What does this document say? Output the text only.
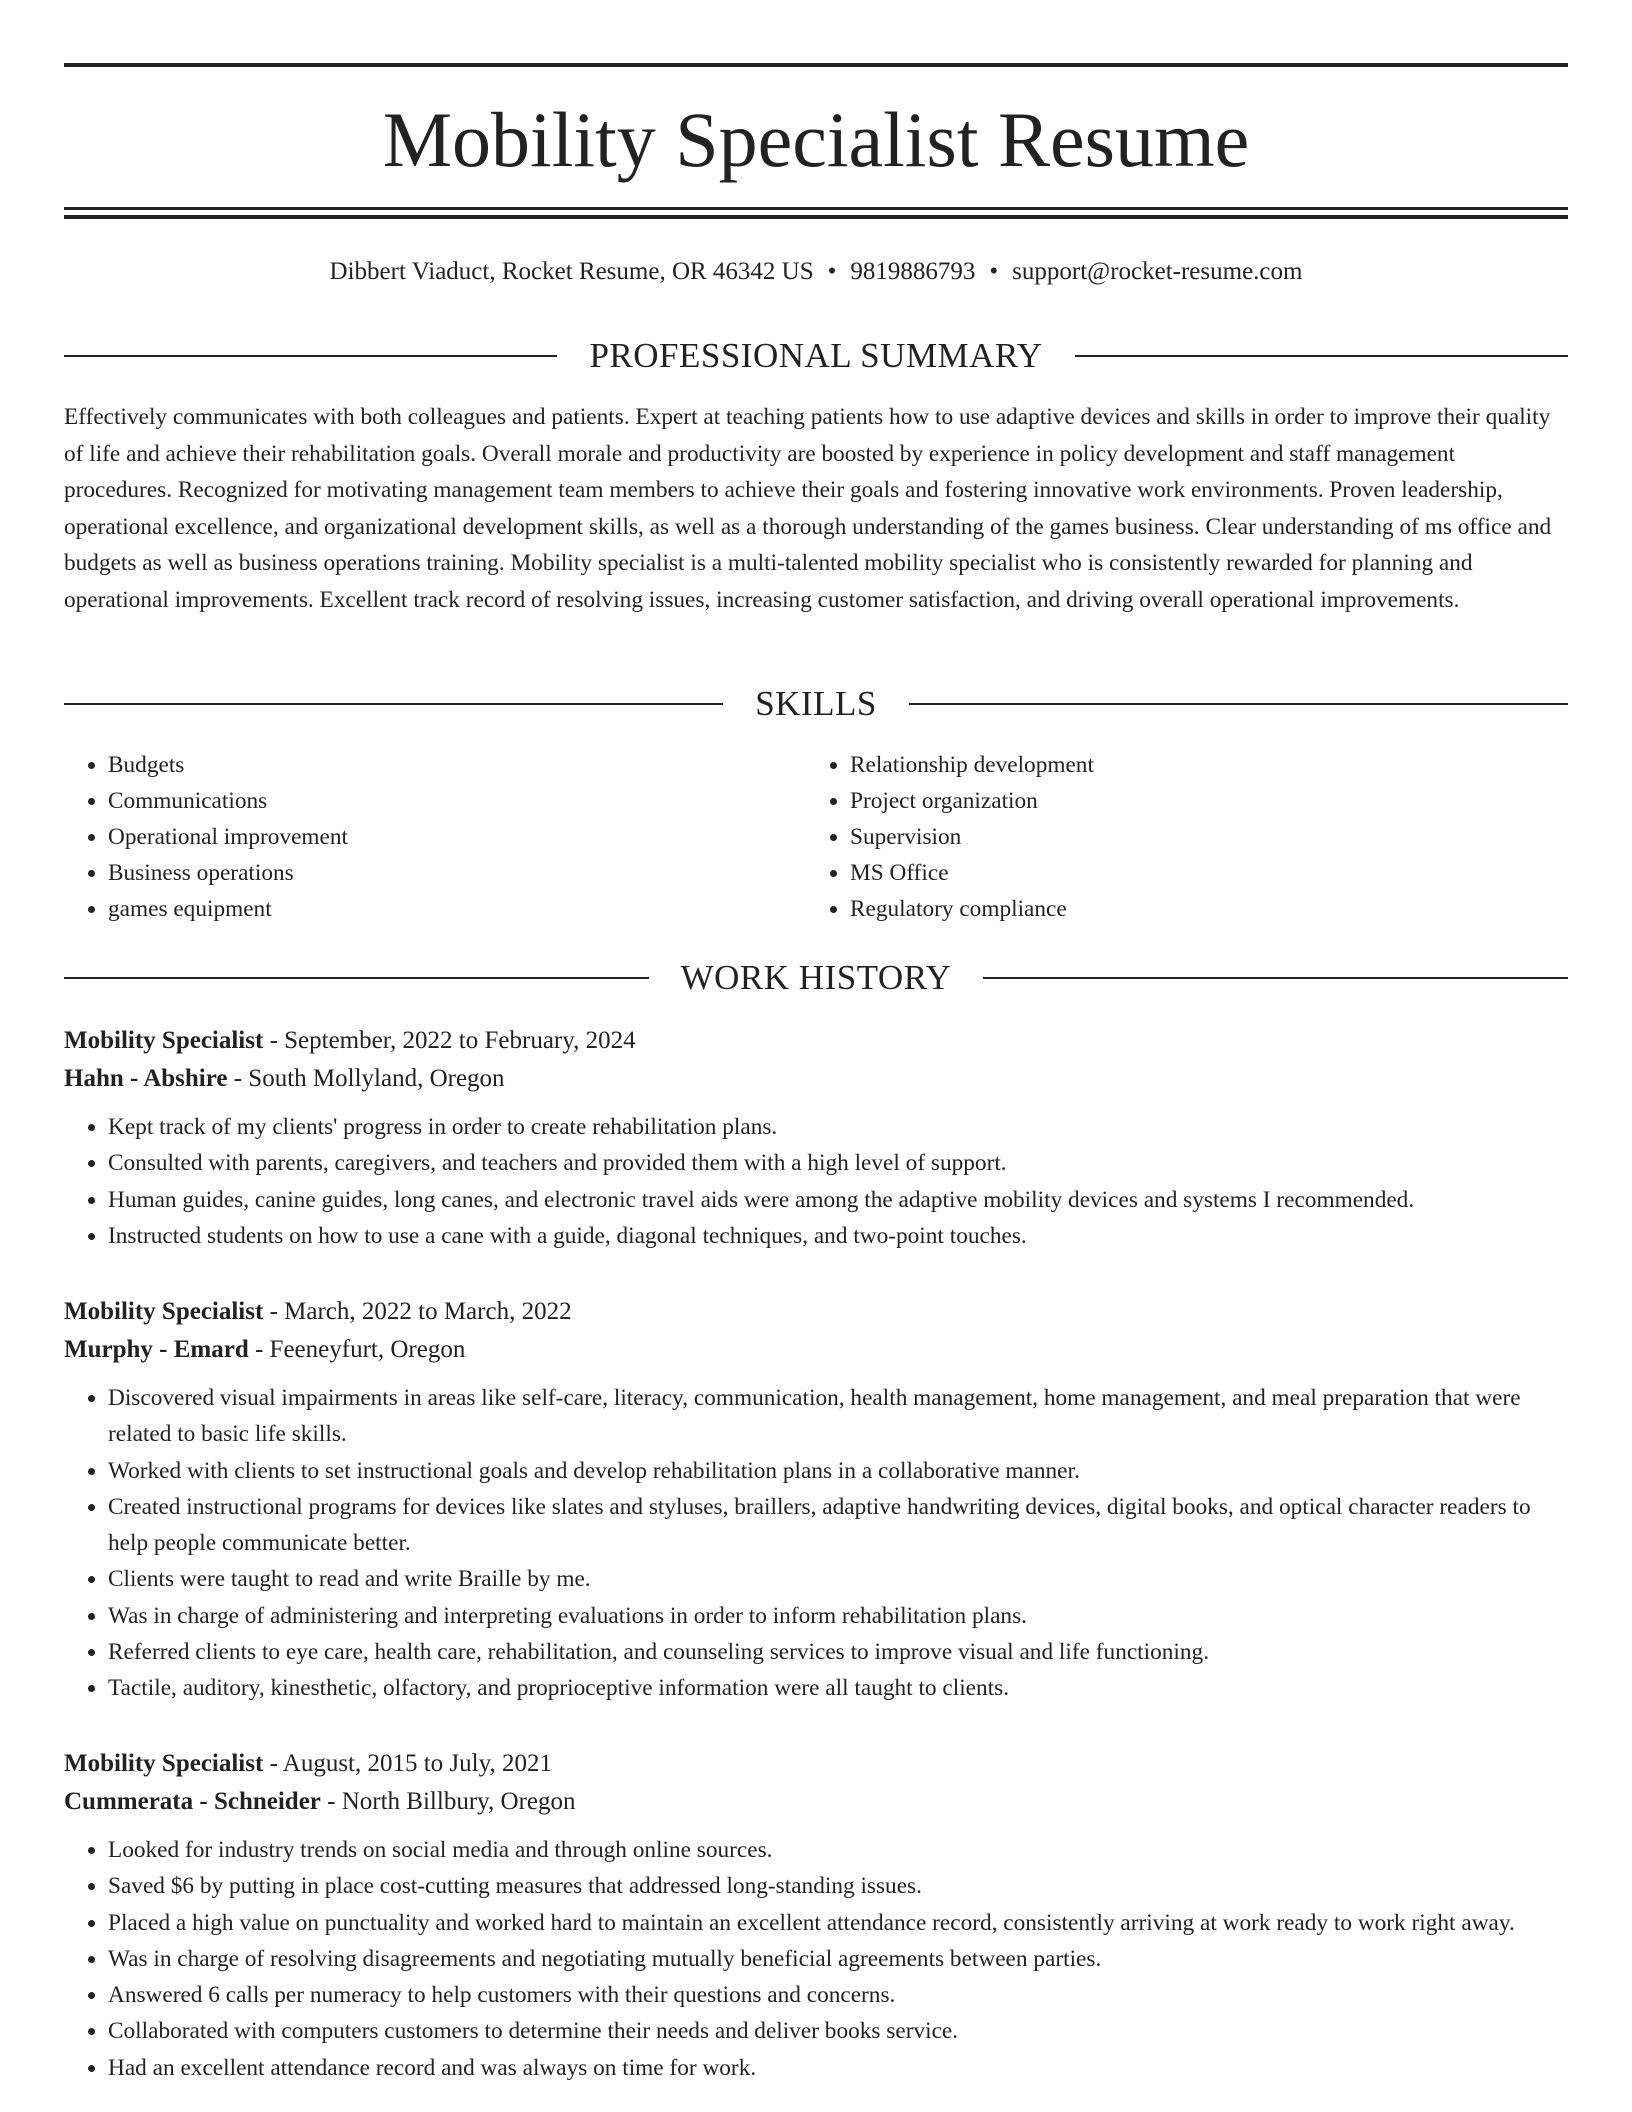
Mobility Specialist Resume
Dibbert Viaduct, Rocket Resume, OR 46342 US • 9819886793 • support@rocket-resume.com
PROFESSIONAL SUMMARY

Effectively communicates with both colleagues and patients. Expert at teaching patients how to use adaptive devices and skills in order to improve their quality of life and achieve their rehabilitation goals. Overall morale and productivity are boosted by experience in policy development and staff management procedures. Recognized for motivating management team members to achieve their goals and fostering innovative work environments. Proven leadership, operational excellence, and organizational development skills, as well as a thorough understanding of the games business. Clear understanding of ms office and budgets as well as business operations training. Mobility specialist is a multi-talented mobility specialist who is consistently rewarded for planning and operational improvements. Excellent track record of resolving issues, increasing customer satisfaction, and driving overall operational improvements.

SKILLS
• Budgets
• Communications
• Operational improvement
• Business operations
• games equipment
• Relationship development
• Project organization
• Supervision
• MS Office
• Regulatory compliance
WORK HISTORY
Mobility Specialist - September, 2022 to February, 2024
Hahn - Abshire - South Mollyland, Oregon
• Kept track of my clients' progress in order to create rehabilitation plans.
• Consulted with parents, caregivers, and teachers and provided them with a high level of support.
• Human guides, canine guides, long canes, and electronic travel aids were among the adaptive mobility devices and systems I recommended.
• Instructed students on how to use a cane with a guide, diagonal techniques, and two-point touches.
Mobility Specialist - March, 2022 to March, 2022
Murphy - Emard - Feeneyfurt, Oregon
• Discovered visual impairments in areas like self-care, literacy, communication, health management, home management, and meal preparation that were related to basic life skills.
• Worked with clients to set instructional goals and develop rehabilitation plans in a collaborative manner.
• Created instructional programs for devices like slates and styluses, braillers, adaptive handwriting devices, digital books, and optical character readers to help people communicate better.
• Clients were taught to read and write Braille by me.
• Was in charge of administering and interpreting evaluations in order to inform rehabilitation plans.
• Referred clients to eye care, health care, rehabilitation, and counseling services to improve visual and life functioning.
• Tactile, auditory, kinesthetic, olfactory, and proprioceptive information were all taught to clients.
Mobility Specialist - August, 2015 to July, 2021
Cummerata - Schneider - North Billbury, Oregon
• Looked for industry trends on social media and through online sources.
• Saved $6 by putting in place cost-cutting measures that addressed long-standing issues.
• Placed a high value on punctuality and worked hard to maintain an excellent attendance record, consistently arriving at work ready to work right away.
• Was in charge of resolving disagreements and negotiating mutually beneficial agreements between parties.
• Answered 6 calls per numeracy to help customers with their questions and concerns.
• Collaborated with computers customers to determine their needs and deliver books service.
• Had an excellent attendance record and was always on time for work.
